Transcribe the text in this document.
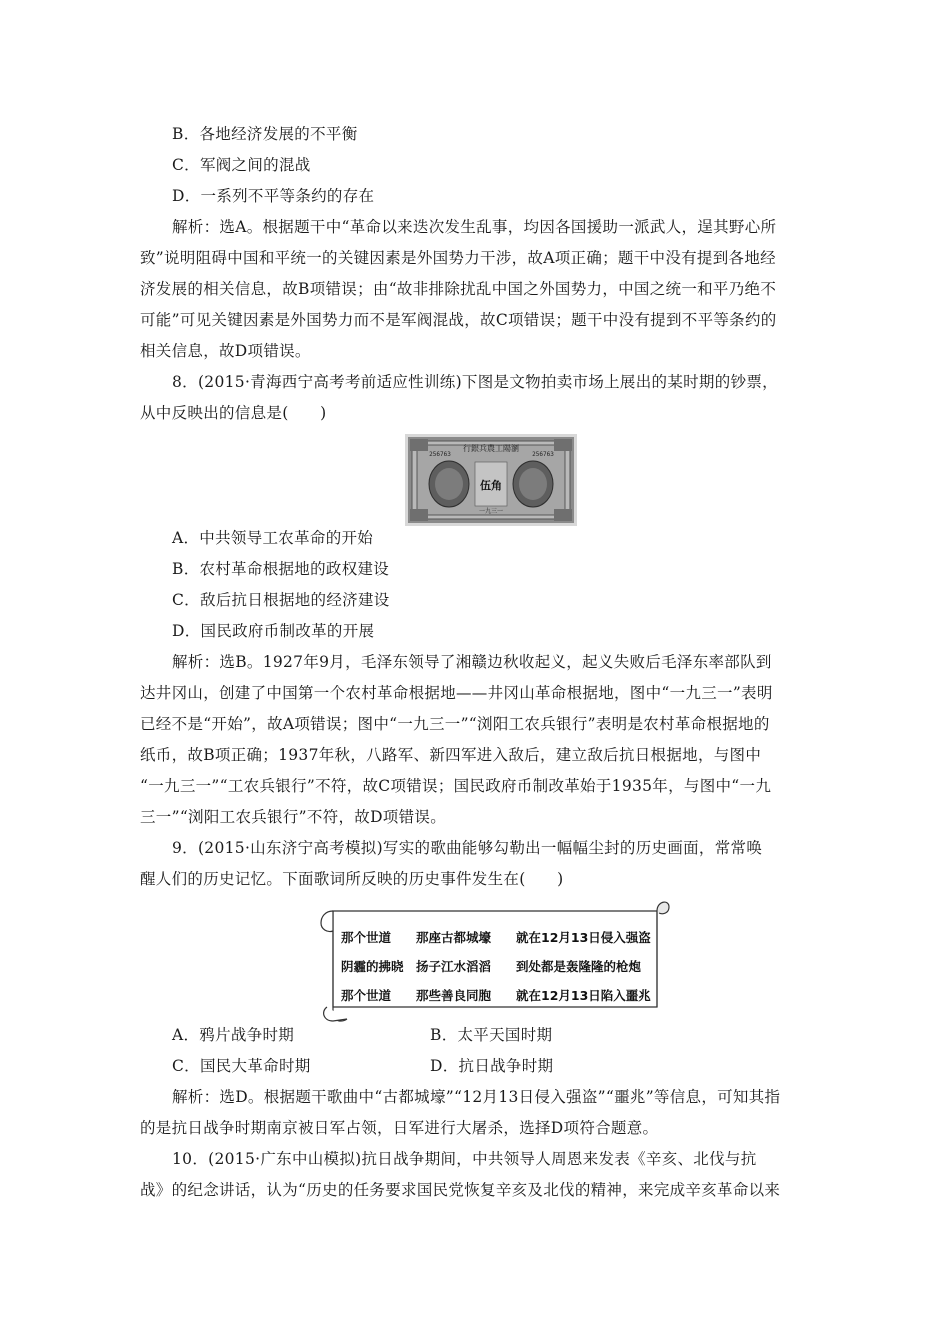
B．各地经济发展的不平衡
C．军阀之间的混战
D．一系列不平等条约的存在
解析：选A。根据题干中“革命以来迭次发生乱事，均因各国援助一派武人，逞其野心所
致”说明阻碍中国和平统一的关键因素是外国势力干涉，故A项正确；题干中没有提到各地经
济发展的相关信息，故B项错误；由“故非排除扰乱中国之外国势力，中国之统一和平乃绝不
可能”可见关键因素是外国势力而不是军阀混战，故C项错误；题干中没有提到不平等条约的
相关信息，故D项错误。
8．(2015·青海西宁高考考前适应性训练)下图是文物拍卖市场上展出的某时期的钞票，
从中反映出的信息是(　　)
行銀兵農工陽瀏
256763	256763
伍角
一九三一
A．中共领导工农革命的开始
B．农村革命根据地的政权建设
C．敌后抗日根据地的经济建设
D．国民政府币制改革的开展
解析：选B。1927年9月，毛泽东领导了湘赣边秋收起义，起义失败后毛泽东率部队到
达井冈山，创建了中国第一个农村革命根据地——井冈山革命根据地，图中“一九三一”表明
已经不是“开始”，故A项错误；图中“一九三一”“浏阳工农兵银行”表明是农村革命根据地的
纸币，故B项正确；1937年秋，八路军、新四军进入敌后，建立敌后抗日根据地，与图中
“一九三一”“工农兵银行”不符，故C项错误；国民政府币制改革始于1935年，与图中“一九
三一”“浏阳工农兵银行”不符，故D项错误。
9．(2015·山东济宁高考模拟)写实的歌曲能够勾勒出一幅幅尘封的历史画面，常常唤
醒人们的历史记忆。下面歌词所反映的历史事件发生在(　　)
那个世道　　那座古都城壕　　就在12月13日侵入强盗
阴霾的拂晓　扬子江水滔滔　　到处都是轰隆隆的枪炮
那个世道　　那些善良同胞　　就在12月13日陷入噩兆
A．鸦片战争时期	B．太平天国时期
C．国民大革命时期	D．抗日战争时期
解析：选D。根据题干歌曲中“古都城壕”“12月13日侵入强盗”“噩兆”等信息，可知其指
的是抗日战争时期南京被日军占领，日军进行大屠杀，选择D项符合题意。
10．(2015·广东中山模拟)抗日战争期间，中共领导人周恩来发表《辛亥、北伐与抗
战》的纪念讲话，认为“历史的任务要求国民党恢复辛亥及北伐的精神，来完成辛亥革命以来
